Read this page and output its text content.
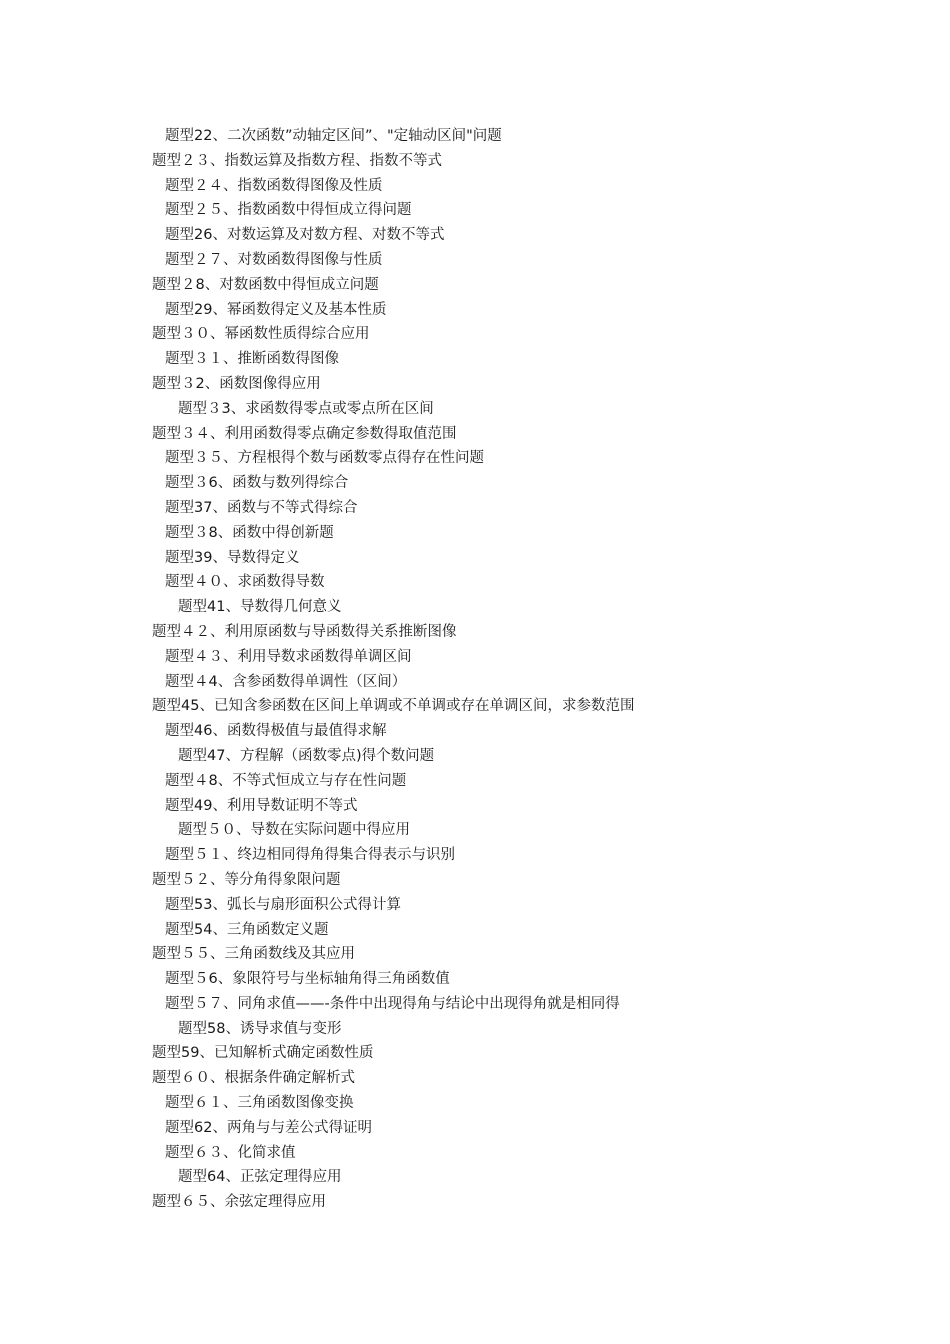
题型22、二次函数”动轴定区间”、"定轴动区间"问题
题型２３、指数运算及指数方程、指数不等式
题型２４、指数函数得图像及性质
题型２５、指数函数中得恒成立得问题
题型26、对数运算及对数方程、对数不等式
题型２７、对数函数得图像与性质
题型２8、对数函数中得恒成立问题
题型29、幂函数得定义及基本性质
题型３０、幂函数性质得综合应用
题型３１、推断函数得图像
题型３2、函数图像得应用
题型３3、求函数得零点或零点所在区间
题型３４、利用函数得零点确定参数得取值范围
题型３５、方程根得个数与函数零点得存在性问题
题型３6、函数与数列得综合
题型37、函数与不等式得综合
题型３8、函数中得创新题
题型39、导数得定义
题型４０、求函数得导数
题型41、导数得几何意义
题型４２、利用原函数与导函数得关系推断图像
题型４３、利用导数求函数得单调区间
题型４4、含参函数得单调性（区间）
题型45、已知含参函数在区间上单调或不单调或存在单调区间，求参数范围
题型46、函数得极值与最值得求解
题型47、方程解（函数零点)得个数问题
题型４8、不等式恒成立与存在性问题
题型49、利用导数证明不等式
题型５０、导数在实际问题中得应用
题型５１、终边相同得角得集合得表示与识别
题型５２、等分角得象限问题
题型53、弧长与扇形面积公式得计算
题型54、三角函数定义题
题型５５、三角函数线及其应用
题型５6、象限符号与坐标轴角得三角函数值
题型５７、同角求值——-条件中出现得角与结论中出现得角就是相同得
题型58、诱导求值与变形
题型59、已知解析式确定函数性质
题型６０、根据条件确定解析式
题型６１、三角函数图像变换
题型62、两角与与差公式得证明
题型６３、化简求值
题型64、正弦定理得应用
题型６５、余弦定理得应用
